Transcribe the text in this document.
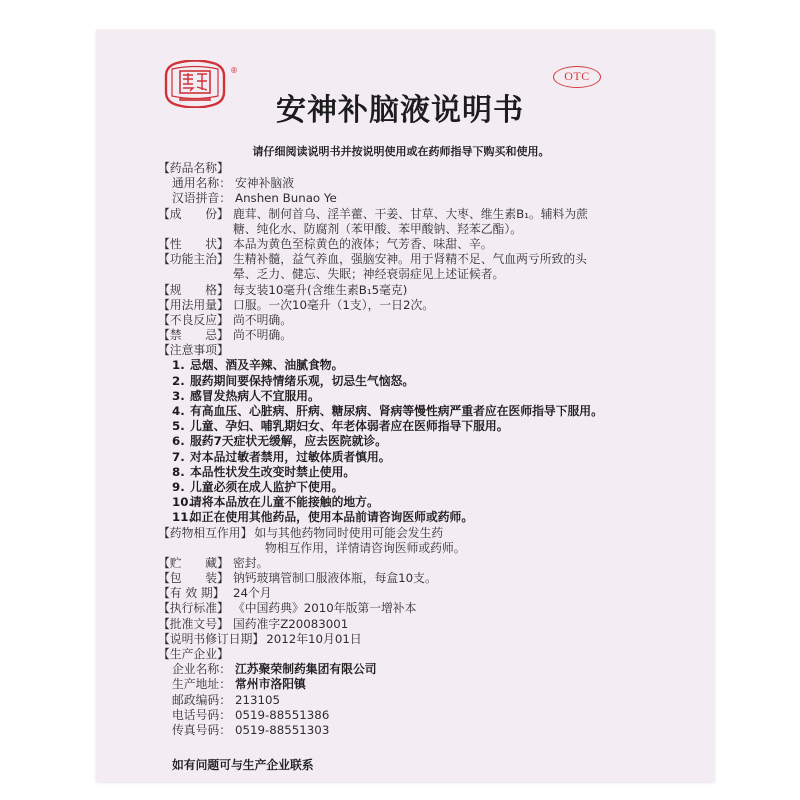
®	OTC
安神补脑液说明书
请仔细阅读说明书并按说明使用或在药师指导下购买和使用。
【药品名称】
通用名称： 安神补脑液
汉语拼音： Anshen Bunao Ye
【成　　份】 鹿茸、制何首乌、淫羊藿、干姜、甘草、大枣、维生素B₁。辅料为蔗
糖、纯化水、防腐剂（苯甲酸、苯甲酸钠、羟苯乙酯）。
【性　　状】 本品为黄色至棕黄色的液体；气芳香、味甜、辛。
【功能主治】 生精补髓，益气养血，强脑安神。用于肾精不足、气血两亏所致的头
晕、乏力、健忘、失眠；神经衰弱症见上述证候者。
【规　　格】 每支装10毫升(含维生素B₁5毫克)
【用法用量】 口服。一次10毫升（1支），一日2次。
【不良反应】 尚不明确。
【禁　　忌】 尚不明确。
【注意事项】
1. 忌烟、酒及辛辣、油腻食物。
2. 服药期间要保持情绪乐观，切忌生气恼怒。
3. 感冒发热病人不宜服用。
4. 有高血压、心脏病、肝病、糖尿病、肾病等慢性病严重者应在医师指导下服用。
5. 儿童、孕妇、哺乳期妇女、年老体弱者应在医师指导下服用。
6. 服药7天症状无缓解，应去医院就诊。
7. 对本品过敏者禁用，过敏体质者慎用。
8. 本品性状发生改变时禁止使用。
9. 儿童必须在成人监护下使用。
10.
请将本品放在儿童不能接触的地方。
11.
如正在使用其他药品，使用本品前请咨询医师或药师。
【药物相互作用】 如与其他药物同时使用可能会发生药
物相互作用，详情请咨询医师或药师。
【贮　　藏】 密封。
【包　　装】 钠钙玻璃管制口服液体瓶，每盒10支。
【有 效 期】 24个月
【执行标准】 《中国药典》2010年版第一增补本
【批准文号】 国药准字Z20083001
【说明书修订日期】 2012年10月01日
【生产企业】
企业名称： 江苏聚荣制药集团有限公司
生产地址： 常州市洛阳镇
邮政编码： 213105
电话号码： 0519-88551386
传真号码： 0519-88551303
如有问题可与生产企业联系
